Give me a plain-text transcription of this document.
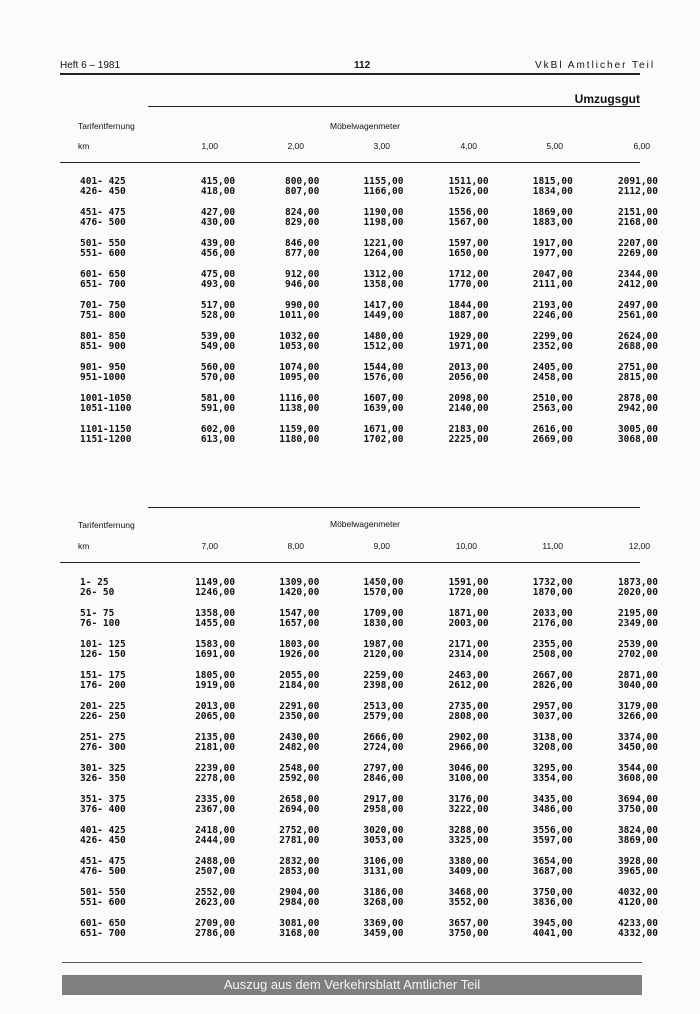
Heft 6 – 1981	112	VkBl Amtlicher Teil
Umzugsgut
Tarifentfernung	Möbelwagenmeter
km	1,00	2,00	3,00	4,00	5,00	6,00
401- 425	415,00	800,00	1155,00	1511,00	1815,00	2091,00
426- 450	418,00	807,00	1166,00	1526,00	1834,00	2112,00

451- 475	427,00	824,00	1190,00	1556,00	1869,00	2151,00
476- 500	430,00	829,00	1198,00	1567,00	1883,00	2168,00

501- 550	439,00	846,00	1221,00	1597,00	1917,00	2207,00
551- 600	456,00	877,00	1264,00	1650,00	1977,00	2269,00

601- 650	475,00	912,00	1312,00	1712,00	2047,00	2344,00
651- 700	493,00	946,00	1358,00	1770,00	2111,00	2412,00

701- 750	517,00	990,00	1417,00	1844,00	2193,00	2497,00
751- 800	528,00	1011,00	1449,00	1887,00	2246,00	2561,00

801- 850	539,00	1032,00	1480,00	1929,00	2299,00	2624,00
851- 900	549,00	1053,00	1512,00	1971,00	2352,00	2688,00

901- 950	560,00	1074,00	1544,00	2013,00	2405,00	2751,00
951-1000	570,00	1095,00	1576,00	2056,00	2458,00	2815,00

1001-1050	581,00	1116,00	1607,00	2098,00	2510,00	2878,00
1051-1100	591,00	1138,00	1639,00	2140,00	2563,00	2942,00

1101-1150	602,00	1159,00	1671,00	2183,00	2616,00	3005,00
1151-1200	613,00	1180,00	1702,00	2225,00	2669,00	3068,00
Tarifentfernung	Möbelwagenmeter
km	7,00	8,00	9,00	10,00	11,00	12,00
1- 25	1149,00	1309,00	1450,00	1591,00	1732,00	1873,00
26- 50	1246,00	1420,00	1570,00	1720,00	1870,00	2020,00

51- 75	1358,00	1547,00	1709,00	1871,00	2033,00	2195,00
76- 100	1455,00	1657,00	1830,00	2003,00	2176,00	2349,00

101- 125	1583,00	1803,00	1987,00	2171,00	2355,00	2539,00
126- 150	1691,00	1926,00	2120,00	2314,00	2508,00	2702,00

151- 175	1805,00	2055,00	2259,00	2463,00	2667,00	2871,00
176- 200	1919,00	2184,00	2398,00	2612,00	2826,00	3040,00

201- 225	2013,00	2291,00	2513,00	2735,00	2957,00	3179,00
226- 250	2065,00	2350,00	2579,00	2808,00	3037,00	3266,00

251- 275	2135,00	2430,00	2666,00	2902,00	3138,00	3374,00
276- 300	2181,00	2482,00	2724,00	2966,00	3208,00	3450,00

301- 325	2239,00	2548,00	2797,00	3046,00	3295,00	3544,00
326- 350	2278,00	2592,00	2846,00	3100,00	3354,00	3608,00

351- 375	2335,00	2658,00	2917,00	3176,00	3435,00	3694,00
376- 400	2367,00	2694,00	2958,00	3222,00	3486,00	3750,00

401- 425	2418,00	2752,00	3020,00	3288,00	3556,00	3824,00
426- 450	2444,00	2781,00	3053,00	3325,00	3597,00	3869,00

451- 475	2488,00	2832,00	3106,00	3380,00	3654,00	3928,00
476- 500	2507,00	2853,00	3131,00	3409,00	3687,00	3965,00

501- 550	2552,00	2904,00	3186,00	3468,00	3750,00	4032,00
551- 600	2623,00	2984,00	3268,00	3552,00	3836,00	4120,00

601- 650	2709,00	3081,00	3369,00	3657,00	3945,00	4233,00
651- 700	2786,00	3168,00	3459,00	3750,00	4041,00	4332,00
Auszug aus dem Verkehrsblatt Amtlicher Teil
